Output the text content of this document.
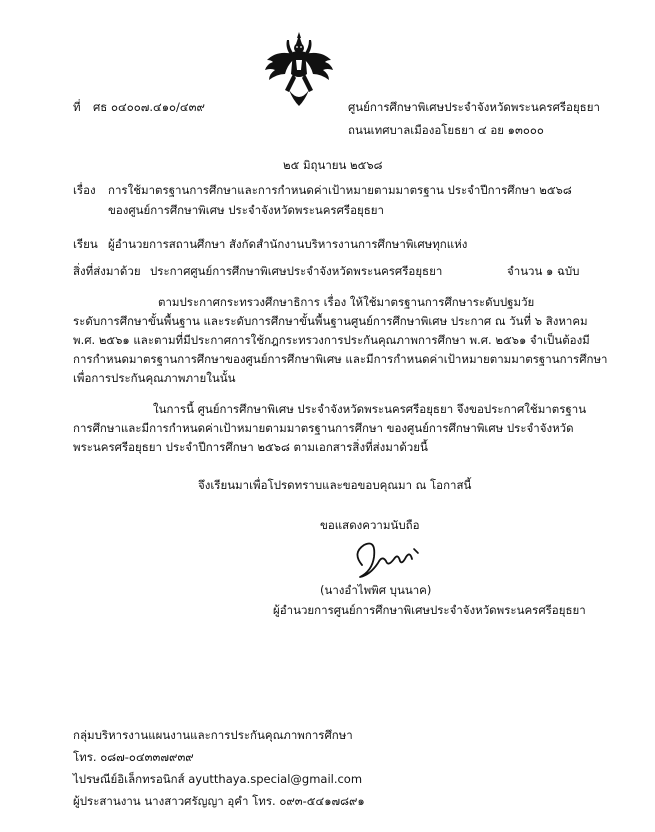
ที่ ศธ ๐๔๐๐๗.๔๑๐/๔๓๙	ศูนย์การศึกษาพิเศษประจำจังหวัดพระนครศรีอยุธยา
ถนนเทศบาลเมืองอโยธยา ๔ อย ๑๓๐๐๐
๒๕ มิถุนายน ๒๕๖๘
เรื่อง การใช้มาตรฐานการศึกษาและการกำหนดค่าเป้าหมายตามมาตรฐาน ประจำปีการศึกษา ๒๕๖๘
ของศูนย์การศึกษาพิเศษ ประจำจังหวัดพระนครศรีอยุธยา
เรียน ผู้อำนวยการสถานศึกษา สังกัดสำนักงานบริหารงานการศึกษาพิเศษทุกแห่ง
สิ่งที่ส่งมาด้วย ประกาศศูนย์การศึกษาพิเศษประจำจังหวัดพระนครศรีอยุธยา	จำนวน ๑ ฉบับ
ตามประกาศกระทรวงศึกษาธิการ เรื่อง ให้ใช้มาตรฐานการศึกษาระดับปฐมวัย
ระดับการศึกษาขั้นพื้นฐาน และระดับการศึกษาขั้นพื้นฐานศูนย์การศึกษาพิเศษ ประกาศ ณ วันที่ ๖ สิงหาคม
พ.ศ. ๒๕๖๑ และตามที่มีประกาศการใช้กฎกระทรวงการประกันคุณภาพการศึกษา พ.ศ. ๒๕๖๑ จำเป็นต้องมี
การกำหนดมาตรฐานการศึกษาของศูนย์การศึกษาพิเศษ และมีการกำหนดค่าเป้าหมายตามมาตรฐานการศึกษา
เพื่อการประกันคุณภาพภายในนั้น
ในการนี้ ศูนย์การศึกษาพิเศษ ประจำจังหวัดพระนครศรีอยุธยา จึงขอประกาศใช้มาตรฐาน
การศึกษาและมีการกำหนดค่าเป้าหมายตามมาตรฐานการศึกษา ของศูนย์การศึกษาพิเศษ ประจำจังหวัด
พระนครศรีอยุธยา ประจำปีการศึกษา ๒๕๖๘ ตามเอกสารสิ่งที่ส่งมาด้วยนี้
จึงเรียนมาเพื่อโปรดทราบและขอขอบคุณมา ณ โอกาสนี้
ขอแสดงความนับถือ
(นางอำไพพิศ บุนนาค)
ผู้อำนวยการศูนย์การศึกษาพิเศษประจำจังหวัดพระนครศรีอยุธยา
กลุ่มบริหารงานแผนงานและการประกันคุณภาพการศึกษา
โทร. ๐๘๗-๐๔๓๓๗๙๓๙
ไปรษณีย์อิเล็กทรอนิกส์ ayutthaya.special@gmail.com
ผู้ประสานงาน นางสาวศรัญญา อุคำ โทร. ๐๙๓-๕๔๑๗๘๙๑
